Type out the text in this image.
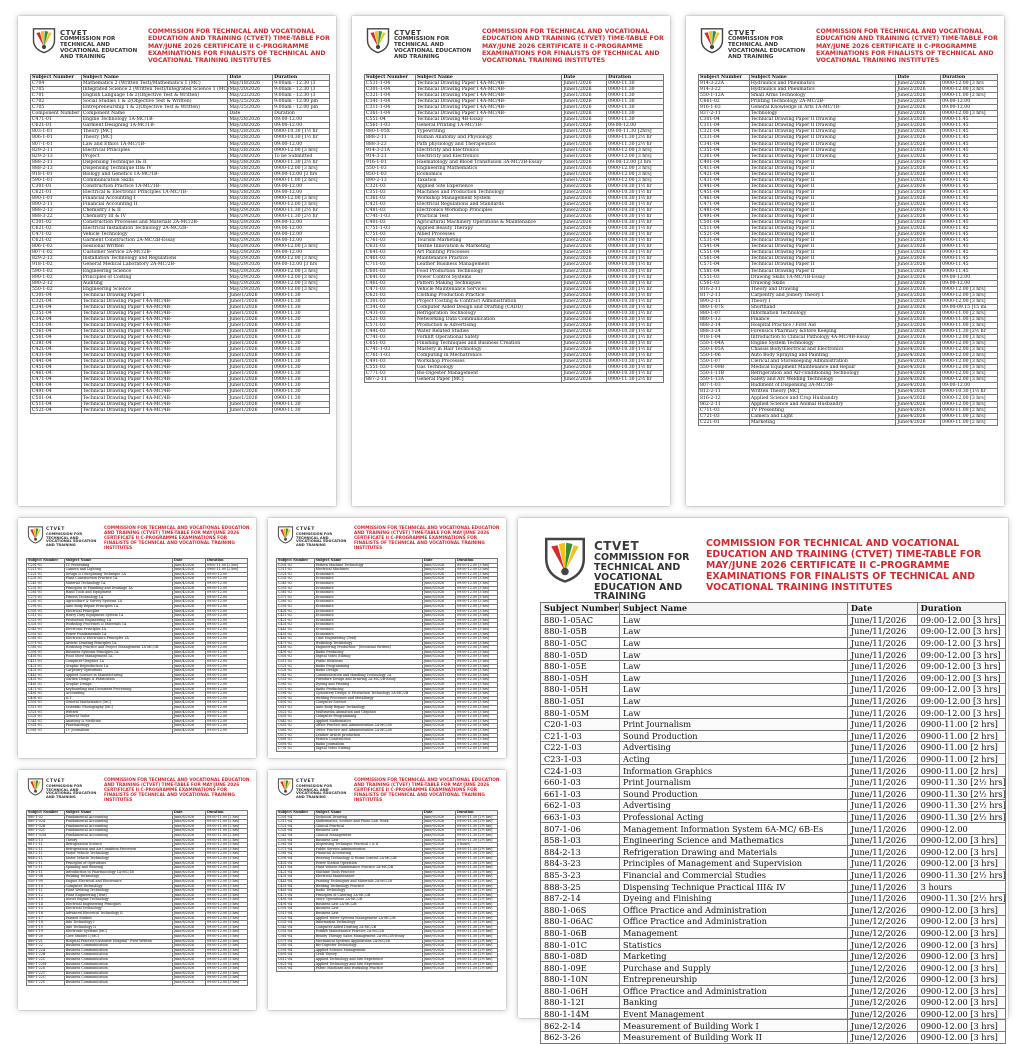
CTVET
COMMISSION FOR TECHNICAL AND VOCATIONAL EDUCATION AND TRAINING
COMMISSION FOR TECHNICAL AND VOCATIONAL EDUCATION AND TRAINING (CTVET) TIME-TABLE FOR MAY/JUNE 2026 CERTIFICATE II C-PROGRAMME EXAMINATIONS FOR FINALISTS OF TECHNICAL AND VOCATIONAL TRAINING INSTITUTES
Subject Number	Subject Name	Date	Duration
C704	Mathematics 2 (Written Test)/Mathematics 1 (MC)	May/18/2026	9:00am - 12.30 (3
C705	Integrated Science 2 (Written Test)/Integrated Science 1 (MC)	May/20/2026	9:00am - 12.30 (3
C701	English Language 1& 2(Objective Test & Written)	May/22/2026	9:00am - 12.30 (3
C702	Social Studies 1 & 2(Objective Test & Written)	May/25/2026	9:00am - 12.00 pm
C705	Entrepreneurship 1 & 2(Objective Test & Written)	May/25/2026	9:00am - 12.00 pm
Component Number	Component Name	Date	Duration
C471-01	Engine Technology 1A-MC/1B-	May/28/2026	09:00-12.00
C621-01	Garment Designing 1A-MC/1B-	May/28/2026	09:00-12.00
803-1-01	Theory [MC]	May/28/2026	0900-10.30 [1½ hr
806-1-01	Theory [MC]	May/28/2026	0900-10.30 [1½ hr
807-1-01	Law and Ethics 1A-MC/1B-	May/28/2026	09:00-12.00
829-2-11	Electrical Principles	May/28/2026	0900-12.00 [3 hrs]
829-2-13	Project	May/28/2026	To be Submitted
888-2-11	Dispensing Technique I& II	May/28/2026	0900-11.30 [2½ hr
888-2-13	Dispensing Technique III& IV	May/28/2026	0900-12.00 [3 hrs]
918-1-01	Biology and Genetics 1A-MC/1B-	May/28/2026	09:00-12.00 [3 hrs
590-1-01	Communication Skills	May/28/2026	0900-11.00 [2 hrs]
C301-01	Construction Practice 1A-MC/1B-	May/28/2026	09:00-12.00
C621-01	Electrical & Electronic Principles 1A-MC/1B-	May/28/2026	09:00-12.00
890-1-01	Financial Accounting I	May/28/2026	0900-12.00 [3 hrs]
890-2-11	Financial Accounting II	May/28/2026	0900-12.00 [3 hrs]
888-2-12	Chemistry I & II	May/29/2026	0900-11.30 [2½ hr
888-3-22	Chemistry III & IV	May/29/2026	0900-11.30 [2½ hr
C301-02	Construction Processes and Materials 2A-MC/2B-	May/29/2026	09:00-12.00
C621-02	Electrical Installation Technology 2A-MC/2B-	May/29/2026	09:00-12.00
C471-02	Vehicle Technology	May/29/2026	09:00-12.00
C621-02	Garment Construction 2A-MC/2B-Essay	May/29/2026	09:00-12.00
806-1-02	Sessional Written	May/29/2026	0900-12.00 [3 hrs]
807-1-02	Customer Service 2A-MC/2B-	May/29/2026	09:00-12.00
829-2-12	Installation Technology and Regulations	May/29/2026	0900-12.00 [3 hrs]
918-1-02	General Medical Laboratory 2A-MC/2B-	May/29/2026	09:00-12.00 [3 hrs
590-1-02	Engineering Science	May/29/2026	0900-12.00 [3 hrs]
890-1-02	Principles of Costing	May/29/2026	0900-12.00 [3 hrs]
890-2-12	Auditing	May/29/2026	0900-12.00 [3 hrs]
550-1-02	Engineering Science	May/29/2026	0900-12.00 [3 hrs]
C301-04	Technical Drawing Paper I	June/1/2026	0900-11.30
C321-04	Technical Drawing Paper I 4A-MC/4B-	June/1/2026	0900-11.30
C341-04	Technical Drawing Paper I 4A-MC/4B-	June/1/2026	0900-11.30
C351-04	Technical Drawing Paper I 4A-MC/4B-	June/1/2026	0900-11.30
C342-04	Technical Drawing Paper I 4A-MC/4B-	June/1/2026	0900-11.30
C311-04	Technical Drawing Paper I 4A-MC/4B-	June/1/2026	0900-11.30
C361-04	Technical Drawing Paper I 4A-MC/4B-	June/1/2026	0900-11.30
C561-04	Technical Drawing Paper I 4A-MC/4B-	June/1/2026	0900-11.30
C381-04	Technical Drawing Paper I 4A-MC/4B-	June/1/2026	0900-11.30
C421-04	Technical Drawing Paper I 4A-MC/4B-	June/1/2026	0900-11.30
C431-04	Technical Drawing Paper I 4A-MC/4B-	June/1/2026	0900-11.30
C441-04	Technical Drawing Paper I 4A-MC/4B-	June/1/2026	0900-11.30
C451-04	Technical Drawing Paper I 4A-MC/4B-	June/1/2026	0900-11.30
C461-04	Technical Drawing Paper I 4A-MC/4B-	June/1/2026	0900-11.30
C471-04	Technical Drawing Paper I 4A-MC/4B-	June/1/2026	0900-11.30
C481-04	Technical Drawing Paper I 4A-MC/4B-	June/1/2026	0900-11.30
C491-04	Technical Drawing Paper I 4A-MC/4B-	June/1/2026	0900-11.30
C501-04	Technical Drawing Paper I 4A-MC/4B-	June/1/2026	0900-11.30
C511-04	Technical Drawing Paper I 4A-MC/4B-	June/1/2026	0900-11.30
C521-04	Technical Drawing Paper I 4A-MC/4B-	June/1/2026	0900-11.30
CTVET
COMMISSION FOR TECHNICAL AND VOCATIONAL EDUCATION AND TRAINING
COMMISSION FOR TECHNICAL AND VOCATIONAL EDUCATION AND TRAINING (CTVET) TIME-TABLE FOR MAY/JUNE 2026 CERTIFICATE II C-PROGRAMME EXAMINATIONS FOR FINALISTS OF TECHNICAL AND VOCATIONAL TRAINING INSTITUTES
Subject Number	Subject Name	Date	Duration
C531-1-04	Technical Drawing Paper I 4A-MC/4B-	June/1/2026	0900-11.30
C301-1-04	Technical Drawing Paper I 4A-MC/4B-	June/1/2026	0900-11.30
C321-1-04	Technical Drawing Paper I 4A-MC/4B-	June/1/2026	0900-11.30
C341-1-04	Technical Drawing Paper I 4A-MC/4B-	June/1/2026	0900-11.30
C311-1-04	Technical Drawing Paper I 4A-MC/4B-	June/1/2026	0900-11.30
C361-1-04	Technical Drawing Paper I 4A-MC/4B-	June/1/2026	0900-11.30
C551-04	Technical Drawing 4B-Essay	June/1/2026	0900-11.30
C561-1-03	General Printing 1A-MC/1B-	June/1/2026	09:00-12.00
880-1-05X	Typewriting	June/1/2026	09:00-11.30 [2hrs]
888-2-11	Human Anatomy and Physiology	June/1/2026	0900-11.30 [2½ hr
888-3-23	Path physiology and Therapeutics	June/1/2026	0900-11.30 [2½ hr
914-3-21A	Electricity and Electronics	June/1/2026	0900-12.00 [3 hrs]
914-3-21	Electricity and Electronics	June/1/2026	0900-12.00 [3 hrs]
916-1-01	Haematology and Blood Transfusion 3A-MC/3B-Essay	June/1/2026	09:00-12.00 [3 hrs
550-1-03	Engineering Mathematics	June/1/2026	0900-12.00 [3 hrs]
850-1-03	Economics	June/1/2026	0900-12.00 [3 hrs]
890-2-13	Taxation	June/1/2026	0900-12.00 [3 hrs]
C321-03	Applied Site Experience	June/2/2026	0900-10.30 [1½ hr
C351-03	Machines and Production Technology	June/2/2026	0900-10.30 [1½ hr
C361-03	Workshop Management System	June/2/2026	0900-10.30 [1½ hr
C421-03	Electrical Regulations and Standards	June/2/2026	0900-10.30 [1½ hr
C481-03	Electronics Workshop Principles	June/2/2026	0900-10.30 [1½ hr
C741-1-03	Practical Test	June/2/2026	0900-10.30 [1½ hr
C401-03	Agricultural Machinery Operations & Maintenance	June/2/2026	0900-10.30 [1½ hr
C751-1-03	Applied Beauty Therapy	June/2/2026	0900-10.30 [1½ hr
C751-03	Allied Processes	June/2/2026	0900-10.30 [1½ hr
C761-03	Tourism Marketing	June/2/2026	0900-10.30 [1½ hr
C631-03	Textile Innovation & Marketing	June/2/2026	0900-10.30 [1½ hr
C641-03	Art Painting Processes	June/2/2026	0900-10.30 [1½ hr
C461-03	Maintenance Practice	June/2/2026	0900-10.30 [1½ hr
C711-03	Leather Business Management	June/2/2026	0900-10.30 [1½ hr
C601-03	Food Production Technology	June/2/2026	0900-10.30 [1½ hr
C641-03	Power Control Systems	June/2/2026	0900-10.30 [1½ hr
C461-03	Pattern Making Techniques	June/2/2026	0900-10.30 [1½ hr
C471-03	Vehicle Maintenance Services	June/2/2026	0900-10.30 [1½ hr
C621-03	Clothing Production Practice	June/2/2026	0900-10.30 [1½ hr
C301-03	Project Costing & Contract Administration	June/2/2026	0900-10.30 [1½ hr
C341-03	Computer Aided Design and Drafting (CADD)	June/2/2026	0900-10.30 [1½ hr
C431-03	Refrigeration Technology	June/2/2026	0900-10.30 [1½ hr
C521-03	Networking Data Communication	June/2/2026	0900-10.30 [1½ hr
C571-03	Production & Advertising	June/2/2026	0900-10.30 [1½ hr
C441-03	Water Related Studies	June/2/2026	0900-10.30 [1½ hr
C741-03	Forklift Operational Safety	June/2/2026	0900-10.30 [1½ hr
C651-03	Finishing Techniques and Business Creation	June/2/2026	0900-10.30 [1½ hr
C741-1-03	Mastery in Hair Technology	June/2/2026	0900-10.30 [1½ hr
C761-1-03	Computing in Mechatronics	June/2/2026	0900-10.30 [1½ hr
C491-03	Workshop Processes	June/2/2026	0900-10.30 [1½ hr
C551-03	Gas Technology	June/2/2026	0900-10.30 [1½ hr
C771-03	Bio-Digester Management	June/2/2026	0900-10.30 [1½ hr
887-2-11	General Paper [MC]	June/2/2026	0900-11.30 [2½ hr
CTVET
COMMISSION FOR TECHNICAL AND VOCATIONAL EDUCATION AND TRAINING
COMMISSION FOR TECHNICAL AND VOCATIONAL EDUCATION AND TRAINING (CTVET) TIME-TABLE FOR MAY/JUNE 2026 CERTIFICATE II C-PROGRAMME EXAMINATIONS FOR FINALISTS OF TECHNICAL AND VOCATIONAL TRAINING INSTITUTES
Subject Number	Subject Name	Date	Duration
914-3-22A	Hydraulics and Pneumatics	June/2/2026	0900-12.00 [3 hrs
914-3-22	Hydraulics and Pneumatics	June/2/2026	0900-12.00 [3 hrs
550-1-12A	Small Arms Technology	June/2/2026	0900-11.00 [2 hrs]
C661-02	Printing Technology 2A-MC/2B-	June/2/2026	09:00-12.00
916-1-03	General Knowledge in Arts 1A-MC/1B-	June/2/2026	09:00-12.00
837-2-11	Technology	June/2/2026	0900-12.00 [3 hrs]
C301-04	Technical Drawing Paper II Drawing	June/3/2026	0900-11.45
C311-04	Technical Drawing Paper II Drawing	June/3/2026	0900-11.45
C321-04	Technical Drawing Paper II Drawing	June/3/2026	0900-11.45
C331-04	Technical Drawing Paper II Drawing	June/3/2026	0900-11.45
C341-04	Technical Drawing Paper II Drawing	June/3/2026	0900-11.45
C351-04	Technical Drawing Paper II Drawing	June/3/2026	0900-11.45
C361-04	Technical Drawing Paper II Drawing	June/3/2026	0900-11.45
C401-04	Technical Drawing Paper II	June/3/2026	0900-11.45
C411-04	Technical Drawing Paper II	June/3/2026	0900-11.45
C421-04	Technical Drawing Paper II	June/3/2026	0900-11.45
C431-04	Technical Drawing Paper II	June/3/2026	0900-11.45
C441-04	Technical Drawing Paper II	June/3/2026	0900-11.45
C451-04	Technical Drawing Paper II	June/3/2026	0900-11.45
C461-04	Technical Drawing Paper II	June/3/2026	0900-11.45
C471-04	Technical Drawing Paper II	June/3/2026	0900-11.45
C481-04	Technical Drawing Paper II	June/3/2026	0900-11.45
C491-04	Technical Drawing Paper II	June/3/2026	0900-11.45
C501-04	Technical Drawing Paper II	June/3/2026	0900-11.45
C511-04	Technical Drawing Paper II	June/3/2026	0900-11.45
C521-04	Technical Drawing Paper II	June/3/2026	0900-11.45
C531-04	Technical Drawing Paper II	June/3/2026	0900-11.45
C541-04	Technical Drawing Paper II	June/3/2026	0900-11.45
C551-04	Technical Drawing Paper II	June/3/2026	0900-11.45
C561-04	Technical Drawing Paper II	June/3/2026	0900-11.45
C571-04	Technical Drawing Paper II	June/3/2026	0900-11.45
C581-04	Technical Drawing Paper II	June/3/2026	0900-11.45
C551-03	Drawing Skills 1A-MC/1B-Essay	June/3/2026	09:00-12.00
C561-03	Drawing Skills	June/3/2026	09:00-12.00
816-2-11	Theory and Drawing	June/3/2026	0900-12.00 [3 hrs]
817-2-11	Carpentry and Joinery Theory I	June/3/2026	0900-12.00 [3 hrs]
890-2-11	Theory I	June/3/2026	0900-12.00 [3 hrs]
880-1-07S	Shorthand	June/3/2026	09:00-09.15 [15 mi
880-1-07	Information Technology	June/3/2026	0900-11.00 [2 hrs]
880-1-13	Finance	June/3/2026	0900-11.00 [2 hrs]
888-2-14	Hospital Practice / First Aid	June/3/2026	0900-11.00 [2 hrs]
888-3-24	Forensics Pharmacy &Store Keeping	June/3/2026	0900-11.30 [2½ hr
918-1-04	Introduction to Clinical Pathology 4A-MC/4B-Essay	June/3/2026	0900-12.00 [3 hrs]
550-1-04A	Engine System Technology	June/3/2026	0900-12.00 [3 hrs]
550-1-05A	Chassis Body/Electrical and Electronics	June/4/2026	0900-12.00 [3 hrs]
550-1-06	Auto Body Spraying and Painting	June/4/2026	0900-12.00 [3 hrs]
550-1-07	Clerical and Storekeeping Administration	June/4/2026	0900-12.00 [3 hrs]
550-1-09B	Medical Equipment Maintenance and Repair	June/4/2026	0900-12.00 [3 hrs]
550-1-11B	Refrigeration and Air-conditioning Technology	June/4/2026	0900-12.00 [3 hrs]
550-1-13A	Safety and Arc Welding Technology	June/4/2026	0900-12.00 [3 hrs]
807-1-03	Rudiment of Dispensing 3A-MC/3B-	June/4/2026	09:00-12.00
812-2-11	Written Theory [MC]	June/4/2026	0900-10.30 [1½ hr
816-2-12	Applied Science and Crop Husbandry	June/4/2026	0900-12.00 [3 hrs]
862-2-11	Applied Science and Animal Husbandry	June/4/2026	0900-12.00 [3 hrs]
C711-03	TV Presenting	June/4/2026	0900-11.00 [2 hrs]
C721-03	Camera and Light	June/4/2026	0900-11.00 [2 hrs]
C221-01	Marketing	June/4/2026	0900-11.00 [2 hrs]
CTVET
COMMISSION FOR TECHNICAL AND VOCATIONAL EDUCATION AND TRAINING
COMMISSION FOR TECHNICAL AND VOCATIONAL EDUCATION AND TRAINING (CTVET) TIME-TABLE FOR MAY/JUNE 2026 CERTIFICATE II C-PROGRAMME EXAMINATIONS FOR FINALISTS OF TECHNICAL AND VOCATIONAL TRAINING INSTITUTES
Subject Number	Subject Name	Date	Duration
C201-01	TV Presenting	June/4/2026	0900-11.00 [2 hrs]
C211-01	Camera and Lighting	June/4/2026	0900-11.00 [2 hrs]
C221-01	Design & Disciplining Technique 2A	June/4/2026	09:00-12.00
C231-01	Plant Construction Practice 1A	June/4/2026	09:00-12.00
C241-01	Material Technology 1A	June/4/2026	09:00-12.00
C251-01	Principles of Plumbing and Drainage 1A	June/4/2026	09:00-12.00
C261-01	Hand Tools and Equipment	June/4/2026	09:00-12.00
C271-01	Fitness Technology 1A	June/4/2026	09:00-12.00
C281-01	Agriculture & Survey Systems 1A	June/4/2026	09:00-12.00
C291-01	Auto Body Repair Principles 1A	June/4/2026	09:00-12.00
C301-01	Electrical Principles	June/4/2026	09:00-12.00
C311-01	Heavy Duty Equipment System 1A	June/4/2026	09:00-12.00
C321-01	Production Engineering 1A	June/4/2026	09:00-12.00
C331-01	Workshop Processes & Materials 1A	June/4/2026	09:00-12.00
C341-01	Electronic Principles 1A	June/4/2026	09:00-12.00
C351-01	Power Fundamentals 1A	June/4/2026	09:00-12.00
C361-01	Electrical & Electronics Principles 1A	June/4/2026	09:00-12.00
C371-01	Artistic Drawing Principles 1A	June/4/2026	09:00-12.00
C381-01	Workshop Practice and Project Management 1A-MC/1B	June/4/2026	09:00-12.00
C391-01	Business Systems Principles 1A	June/4/2026	09:00-12.00
C401-01	Food Store Management 1A	June/4/2026	09:00-12.00
C411-01	Computer Graphics 1A	June/4/2026	09:00-12.00
C421-01	Graphic Reproduction 1A	June/4/2026	09:00-12.00
C431-01	Carpentry Operations	June/4/2026	09:00-12.00
C441-01	Applied Science in Manufacturing	June/4/2026	09:00-12.00
C451-01	Garden Design & Fabrication	June/4/2026	09:00-12.00
C461-01	Graphic Design	June/4/2026	09:00-12.00
C471-01	Keyboarding and Document Processing	June/4/2026	09:00-12.00
C481-01	Accounting	June/4/2026	09:00-12.00
C491-01	ICT	June/4/2026	09:00-12.00
C501-01	General Mathematics [MC]	June/4/2026	09:00-12.00
C511-01	Scientific Photography [MC]	June/4/2026	09:00-12.00
C521-01	Written	June/4/2026	09:00-12.00
C531-01	General Tailor	June/4/2026	09:00-12.00
C541-01	Anatomy & Medicine	June/4/2026	09:00-12.00
C551-01	Pharmacology	June/4/2026	09:00-12.00
C561-01	TV Journalism	June/4/2026	09:00-12.00
CTVET
COMMISSION FOR TECHNICAL AND VOCATIONAL EDUCATION AND TRAINING
COMMISSION FOR TECHNICAL AND VOCATIONAL EDUCATION AND TRAINING (CTVET) TIME-TABLE FOR MAY/JUNE 2026 CERTIFICATE II C-PROGRAMME EXAMINATIONS FOR FINALISTS OF TECHNICAL AND VOCATIONAL TRAINING INSTITUTES
Subject Number	Subject Name	Date	Duration
C301-02	Pattern Machine Technology	June/5/2026	09:00-12.00 [3 hrs]
C311-02	Electrical Machines	June/5/2026	09:00-12.00 [3 hrs]
C321-02	Economics	June/5/2026	09:00-12.00 [3 hrs]
C331-02	Economics	June/5/2026	09:00-12.00 [3 hrs]
C341-02	Economics	June/5/2026	09:00-12.00 [3 hrs]
C351-02	Economics	June/5/2026	09:00-12.00 [3 hrs]
C361-02	Economics	June/5/2026	09:00-12.00 [3 hrs]
C371-02	Economics	June/5/2026	09:00-12.00 [3 hrs]
C381-02	Economics	June/5/2026	09:00-12.00 [3 hrs]
C391-02	Economics	June/5/2026	09:00-12.00 [3 hrs]
C401-02	Economics	June/5/2026	09:00-12.00 [3 hrs]
C411-02	Economics	June/5/2026	09:00-12.00 [3 hrs]
C421-02	Economics	June/5/2026	09:00-12.00 [3 hrs]
C431-02	Economics	June/5/2026	09:00-12.00 [3 hrs]
C441-02	Economics	June/5/2026	09:00-12.00 [3 hrs]
C451-02	Economics	June/5/2026	09:00-12.00 [3 hrs]
C461-02	Time Engineering [Text]	June/5/2026	09:00-12.00 [3 hrs]
C471-02	Workshop Technology	June/5/2026	09:00-12.00 [3 hrs]
C481-02	Engineering Production - [Sessional Written]	June/5/2026	09:00-12.00 [3 hrs]
C491-02	Radio Producing	June/5/2026	09:00-12.00 [3 hrs]
C501-02	Digital Video Editing	June/5/2026	09:00-12.00 [3 hrs]
C511-02	Public Relations	June/5/2026	09:00-12.00 [3 hrs]
C521-02	Radio Programming	June/5/2026	09:00-12.00 [3 hrs]
C531-02	Radio Design	June/5/2026	09:00-12.00 [3 hrs]
C541-02	Communication and Handling Technology 2A	June/5/2026	09:00-12.00 [3 hrs]
C551-02	Furniture Design and Drawing 2A-MC/2B-Essay	June/5/2026	09:00-12.00 [3 hrs]
C561-02	Dyeing and Printing	June/5/2026	09:00-12.00 [3 hrs]
C571-02	Radio Producing	June/5/2026	09:00-12.00 [3 hrs]
C581-02	Upholstery Design & Production Technology 2A-MC/2B	June/5/2026	09:00-12.00 [3 hrs]
C591-02	Welding Processes and Metallurgy	June/5/2026	09:00-12.00 [3 hrs]
C601-02	Computer Science	June/5/2026	09:00-12.00 [3 hrs]
C611-02	Auto Body Repair Technology	June/5/2026	09:00-12.00 [3 hrs]
C621-02	Multimedia Animation and Graphics	June/5/2026	09:00-12.00 [3 hrs]
C631-02	Computer Programming	June/5/2026	09:00-12.00 [3 hrs]
C641-02	Applied Mathematics	June/5/2026	09:00-12.00 [3 hrs]
C651-02	Office Practice and Administration 2A-MC/2B	June/5/2026	09:00-12.00 [3 hrs]
C661-02	Office Practice and Administration 2A-MC/2B	June/5/2026	09:00-12.00 [3 hrs]
C671-02	Leather Article production	June/5/2026	09:00-12.00 [3 hrs]
C681-02	Pattern Construction	June/5/2026	09:00-12.00 [3 hrs]
C691-02	Radio Journalism	June/5/2026	09:00-12.00 [3 hrs]
C701-02	Digital Video Editing	June/5/2026	09:00-12.00 [3 hrs]
CTVET
COMMISSION FOR TECHNICAL AND VOCATIONAL EDUCATION AND TRAINING
COMMISSION FOR TECHNICAL AND VOCATIONAL EDUCATION AND TRAINING (CTVET) TIME-TABLE FOR MAY/JUNE 2026 CERTIFICATE II C-PROGRAMME EXAMINATIONS FOR FINALISTS OF TECHNICAL AND VOCATIONAL TRAINING INSTITUTES
Subject Number	Subject Name	Date	Duration
880-1-02	Fundamental Accounting	June/8/2026	09:00-11.00 [2 hrs]
880-1-02A	Fundamental Accounting	June/8/2026	09:00-11.00 [2 hrs]
880-1-02B	Fundamental Accounting	June/8/2026	09:00-11.00 [2 hrs]
880-1-02C	Fundamental Accounting	June/8/2026	09:00-11.00 [2 hrs]
880-1-02M	Fundamental Accounting	June/8/2026	09:00-11.00 [2 hrs]
888-2-15	Theory	June/8/2026	09:00-11.00 [2 hrs]
881-2-11	Refrigeration Science	June/8/2026	09:00-12.00 [3 hrs]
882-2-11	Refrigeration and Air Condition Processes	June/8/2026	09:00-12.00 [3 hrs]
883-2-11	Motor Vehicle Technology	June/8/2026	09:00-12.00 [3 hrs]
884-2-11	Motor Vehicle Technology	June/8/2026	09:00-12.00 [3 hrs]
885-2-11	Principles of Operations	June/8/2026	09:00-12.00 [3 hrs]
887-2-11	Spinning and Weaving	June/8/2026	09:00-12.00 [3 hrs]
918-2-11	Introduction to Pharmacology 1A-MC/1B	June/8/2026	09:00-12.00 [3 hrs]
550-1-08	Welding Technology	June/8/2026	09:00-12.00 [3 hrs]
550-1-09	Engine Electrical and Electronics	June/8/2026	09:00-12.00 [3 hrs]
550-1-10	Computer Technology	June/8/2026	09:00-12.00 [3 hrs]
550-1-11	Plant Welding Technology	June/8/2026	09:00-12.00 [3 hrs]
550-1-12	Plant Engineering [Text]	June/8/2026	09:00-12.00 [3 hrs]
550-1-13	Diesel Engine Technology	June/8/2026	09:00-12.00 [3 hrs]
550-1-14	Electrical Engineering Principles	June/8/2026	09:00-12.00 [3 hrs]
550-1-15	Electrical Technology	June/8/2026	09:00-12.00 [3 hrs]
550-1-16	Advanced Electrical Technology II	June/8/2026	09:00-12.00 [3 hrs]
550-1-17	Painted Studies	June/8/2026	09:00-12.00 [3 hrs]
550-1-18	Info Technology I	June/8/2026	09:00-12.00 [3 hrs]
550-1-19	Info Technology II	June/8/2026	09:00-12.00 [3 hrs]
880-1-19	Electronic Systems [MC]	June/8/2026	09:00-12.00 [3 hrs]
880-1-20	Core Studies I [MC]	June/8/2026	09:00-12.00 [3 hrs]
880-1-21	Hospital Practice/Customer Hospital - First Written	June/8/2026	09:00-12.00 [3 hrs]
880-1-22	Business Communication	June/8/2026	09:00-12.00 [3 hrs]
880-1-22A	Business Communication	June/8/2026	09:00-12.00 [3 hrs]
880-1-22B	Business Communication	June/8/2026	09:00-12.00 [3 hrs]
880-1-22C	Business Communication	June/8/2026	09:00-12.00 [3 hrs]
880-1-22M	Business Communication	June/8/2026	09:00-12.00 [3 hrs]
880-1-22S	Business Communication	June/8/2026	09:00-12.00 [3 hrs]
880-1-22T	Business Communication	June/8/2026	09:00-12.00 [3 hrs]
880-1-22U	Business Communication	June/8/2026	09:00-12.00 [3 hrs]
880-1-22V	Business Communication	June/8/2026	09:00-12.00 [3 hrs]
CTVET
COMMISSION FOR TECHNICAL AND VOCATIONAL EDUCATION AND TRAINING
COMMISSION FOR TECHNICAL AND VOCATIONAL EDUCATION AND TRAINING (CTVET) TIME-TABLE FOR MAY/JUNE 2026 CERTIFICATE II C-PROGRAMME EXAMINATIONS FOR FINALISTS OF TECHNICAL AND VOCATIONAL TRAINING INSTITUTES
Subject Number	Subject Name	Date	Duration
C301-04	Technical Drawing	June/9/2026	09:00-11.30 [2½ hrs]
C311-04	Mathematics, Science and Photo Lab. Work	June/9/2026	09:00-11.30 [2½ hrs]
C321-04	Clinical Practical	June/9/2026	09:00-11.30 [2½ hrs]
C331-04	Business Law	June/9/2026	09:00-11.30 [2½ hrs]
C341-04	Clinical Management	June/9/2026	09:00-11.30 [2½ hrs]
C351-04	Business Law	June/9/2026	09:00-11.30 [2½ hrs]
C361-04	Dispensing Technique Practical I & II	June/9/2026	3 hours
C371-04	Public Service Administration	June/9/2026	09:00-11.30 [2½ hrs]
C381-04	Financial Accounting	June/9/2026	09:00-11.30 [2½ hrs]
C391-04	Weaving Technology & Home Control 2A-MC/2B	June/9/2026	09:00-11.30 [2½ hrs]
C401-04	Power Station Operation	June/9/2026	09:00-11.30 [2½ hrs]
C411-04	Plant Vehicle Maintenance Practice 2A-MC/2B	June/9/2026	09:00-11.30 [2½ hrs]
C421-04	Machine Tools Practice	June/9/2026	09:00-11.30 [2½ hrs]
C431-04	Electrical Maintenance	June/9/2026	09:00-11.30 [2½ hrs]
C441-04	Painting Techniques and Materials 2A-MC/2B	June/9/2026	09:00-11.30 [2½ hrs]
C451-04	Welding Technology Practice	June/9/2026	09:00-11.30 [2½ hrs]
C461-04	Radio Technology	June/9/2026	09:00-11.30 [2½ hrs]
C471-04	Principles of Catering 2A-MC/2B	June/9/2026	09:00-11.30 [2½ hrs]
C481-04	Store Operations 2A-MC/2B	June/9/2026	09:00-11.30 [2½ hrs]
C491-04	Business Law 2A-MC/2B	June/9/2026	09:00-11.30 [2½ hrs]
C501-04	Business Law	June/9/2026	09:00-11.30 [2½ hrs]
C511-04	Business Law	June/9/2026	09:00-11.30 [2½ hrs]
C521-04	Applied Water Systems Management 2A-MC/2B	June/9/2026	09:00-11.30 [2½ hrs]
C531-04	Information Technology	June/9/2026	09:00-11.30 [2½ hrs]
C541-04	Computer Aided Drafting 2A-MC/2B	June/9/2026	09:00-11.30 [2½ hrs]
C551-04	Forklift Maintenance Practice 2A-MC/2B	June/9/2026	09:00-11.30 [2½ hrs]
C561-04	Beauty Therapy Salon Management 2A-MC/2B-Essay	June/9/2026	09:00-11.30 [2½ hrs]
C571-04	Mechanical Systems Applications 2A-MC/2B	June/9/2026	09:00-11.30 [2½ hrs]
C581-04	Bio-Digester Technology	June/9/2026	09:00-11.30 [2½ hrs]
C591-04	Applied Science Management	June/9/2026	09:00-11.30 [2½ hrs]
C601-04	Craft Theory	June/9/2026	09:00-11.30 [2½ hrs]
C611-04	Applied Technology and Site Experience	June/9/2026	09:00-11.30 [2½ hrs]
C621-04	Applied Technology and Site Experience	June/9/2026	09:00-11.30 [2½ hrs]
C631-04	Fabric Machines and Workshop Practice	June/9/2026	09:00-11.30 [2½ hrs]
CTVET
COMMISSION FOR TECHNICAL AND VOCATIONAL EDUCATION AND TRAINING
COMMISSION FOR TECHNICAL AND VOCATIONAL EDUCATION AND TRAINING (CTVET) TIME-TABLE FOR MAY/JUNE 2026 CERTIFICATE II C-PROGRAMME EXAMINATIONS FOR FINALISTS OF TECHNICAL AND VOCATIONAL TRAINING INSTITUTES
Subject Number	Subject Name	Date	Duration
880-1-05AC	Law	June/11/2026	09:00-12.00 [3 hrs]
880-1-05B	Law	June/11/2026	09:00-12.00 [3 hrs]
880-1-05C	Law	June/11/2026	09:00-12.00 [3 hrs]
880-1-05D	Law	June/11/2026	09:00-12.00 [3 hrs]
880-1-05E	Law	June/11/2026	09:00-12.00 [3 hrs]
880-1-05H	Law	June/11/2026	09:00-12.00 [3 hrs]
880-1-05H	Law	June/11/2026	09:00-12.00 [3 hrs]
880-1-05I	Law	June/11/2026	09:00-12.00 [3 hrs]
880-1-05M	Law	June/11/2026	09:00-12.00 [3 hrs]
C20-1-03	Print Journalism	June/11/2026	0900-11.00 [2 hrs]
C21-1-03	Sound Production	June/11/2026	0900-11.00 [2 hrs]
C22-1-03	Advertising	June/11/2026	0900-11.00 [2 hrs]
C23-1-03	Acting	June/11/2026	0900-11.00 [2 hrs]
C24-1-03	Information Graphics	June/11/2026	0900-11.00 [2 hrs]
660-1-03	Print Journalism	June/11/2026	0900-11.30 [2½ hrs]
661-1-03	Sound Production	June/11/2026	0900-11.30 [2½ hrs]
662-1-03	Advertising	June/11/2026	0900-11.30 [2½ hrs]
663-1-03	Professional Acting	June/11/2026	0900-11.30 [2½ hrs]
807-1-06	Management Information System 6A-MC/ 6B-Es	June/11/2026	0900-12.00
858-1-03	Engineering Science and Mathematics	June/11/2026	0900-12.00 [3 hrs]
884-2-13	Refrigeration Drawing and Materials	June/11/2026	0900-12.00 [3 hrs]
884-3-23	Principles of Management and Supervision	June/11/2026	0900-12.00 [3 hrs]
885-3-23	Financial and Commercial Studies	June/11/2026	0900-11.30 [2½ hrs]
888-3-25	Dispensing Technique Practical III& IV	June/11/2026	3 hours
887-2-14	Dyeing and Finishing	June/11/2026	0900-11.30 [2½ hrs]
880-1-06S	Office Practice and Administration	June/12/2026	0900-12.00 [3 hrs]
880-1-06AC	Office Practice and Administration	June/12/2026	0900-12.00 [3 hrs]
880-1-06B	Management	June/12/2026	0900-12.00 [3 hrs]
880-1-01C	Statistics	June/12/2026	0900-12.00 [3 hrs]
880-1-08D	Marketing	June/12/2026	0900-12.00 [3 hrs]
880-1-09E	Purchase and Supply	June/12/2026	0900-12.00 [3 hrs]
880-1-10N	Entrepreneurship	June/12/2026	0900-12.00 [3 hrs]
880-1-06H	Office Practice and Administration	June/12/2026	0900-12.00 [3 hrs]
880-1-12I	Banking	June/12/2026	0900-12.00 [3 hrs]
880-1-14M	Event Management	June/12/2026	0900-12.00 [3 hrs]
862-2-14	Measurement of Building Work I	June/12/2026	0900-12.00 [3 hrs]
862-3-26	Measurement of Building Work II	June/12/2026	0900-12.00 [3 hrs]
